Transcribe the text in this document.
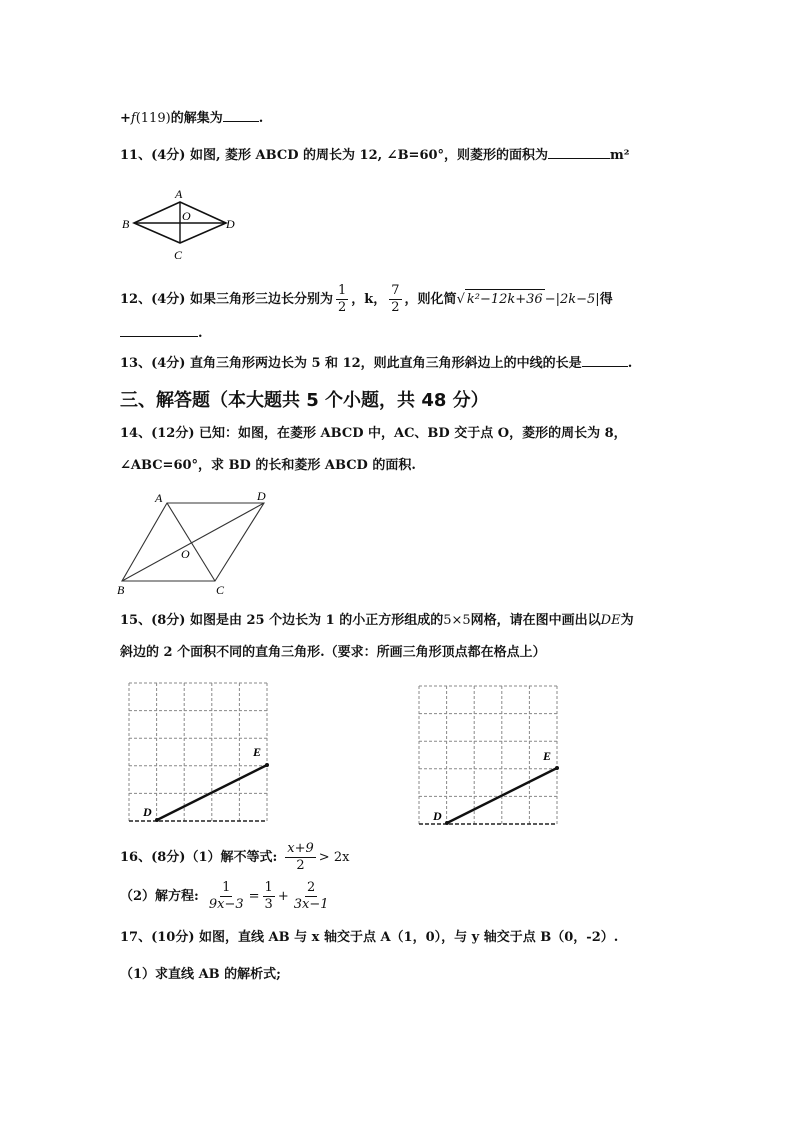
+f(119)的解集为	.
11、(4分) 如图, 菱形 ABCD 的周长为 12, ∠B=60°，则菱形的面积为	m²
A
B
C
D
O
12、(4分) 如果三角形三边长分别为 $\frac{1}{2}$ ，k， $\frac{7}{2}$ ，则化简√ k²−12k+36 −|2k−5|得
.
13、(4分) 直角三角形两边长为 5 和 12，则此直角三角形斜边上的中线的长是	.
三、解答题（本大题共 5 个小题，共 48 分）
14、(12分) 已知：如图，在菱形 ABCD 中，AC、BD 交于点 O，菱形的周长为 8，
∠ABC=60°，求 BD 的长和菱形 ABCD 的面积.
A	D
O
B	C
15、(8分) 如图是由 25 个边长为 1 的小正方形组成的5×5网格，请在图中画出以DE为
斜边的 2 个面积不同的直角三角形.（要求：所画三角形顶点都在格点上）
E
D
E
D
16、(8分)（1）解不等式: $\frac{x+9}{2} > 2x$
（2）解方程: $\frac{1}{9x-3} = \frac{1}{3} + \frac{2}{3x-1}$
17、(10分) 如图，直线 AB 与 x 轴交于点 A（1，0），与 y 轴交于点 B（0，-2）.
（1）求直线 AB 的解析式;
